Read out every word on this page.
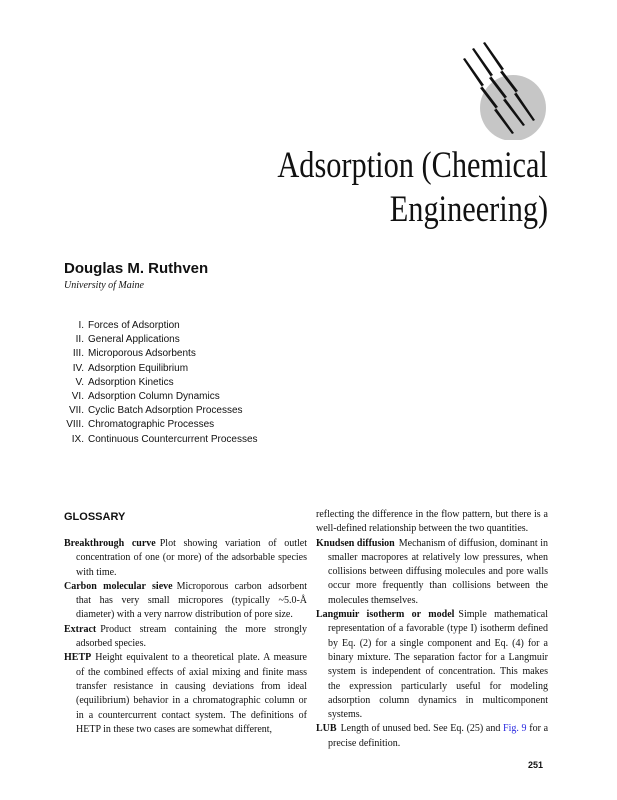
Adsorption (Chemical
Engineering)
Douglas M. Ruthven
University of Maine
I. Forces of Adsorption
II. General Applications
III. Microporous Adsorbents
IV. Adsorption Equilibrium
V. Adsorption Kinetics
VI. Adsorption Column Dynamics
VII. Cyclic Batch Adsorption Processes
VIII. Chromatographic Processes
IX. Continuous Countercurrent Processes
GLOSSARY
Breakthrough curve Plot showing variation of outlet concentration of one (or more) of the adsorbable species with time.
Carbon molecular sieve Microporous carbon adsorbent that has very small micropores (typically ~5.0-Å diameter) with a very narrow distribution of pore size.
Extract Product stream containing the more strongly adsorbed species.
HETP Height equivalent to a theoretical plate. A measure of the combined effects of axial mixing and finite mass transfer resistance in causing deviations from ideal (equilibrium) behavior in a chromatographic column or in a countercurrent contact system. The definitions of HETP in these two cases are somewhat different,
reflecting the difference in the flow pattern, but there is a well-defined relationship between the two quantities.
Knudsen diffusion Mechanism of diffusion, dominant in smaller macropores at relatively low pressures, when collisions between diffusing molecules and pore walls occur more frequently than collisions between the molecules themselves.
Langmuir isotherm or model Simple mathematical representation of a favorable (type I) isotherm defined by Eq. (2) for a single component and Eq. (4) for a binary mixture. The separation factor for a Langmuir system is independent of concentration. This makes the expression particularly useful for modeling adsorption column dynamics in multicomponent systems.
LUB Length of unused bed. See Eq. (25) and Fig. 9 for a precise definition.
251
